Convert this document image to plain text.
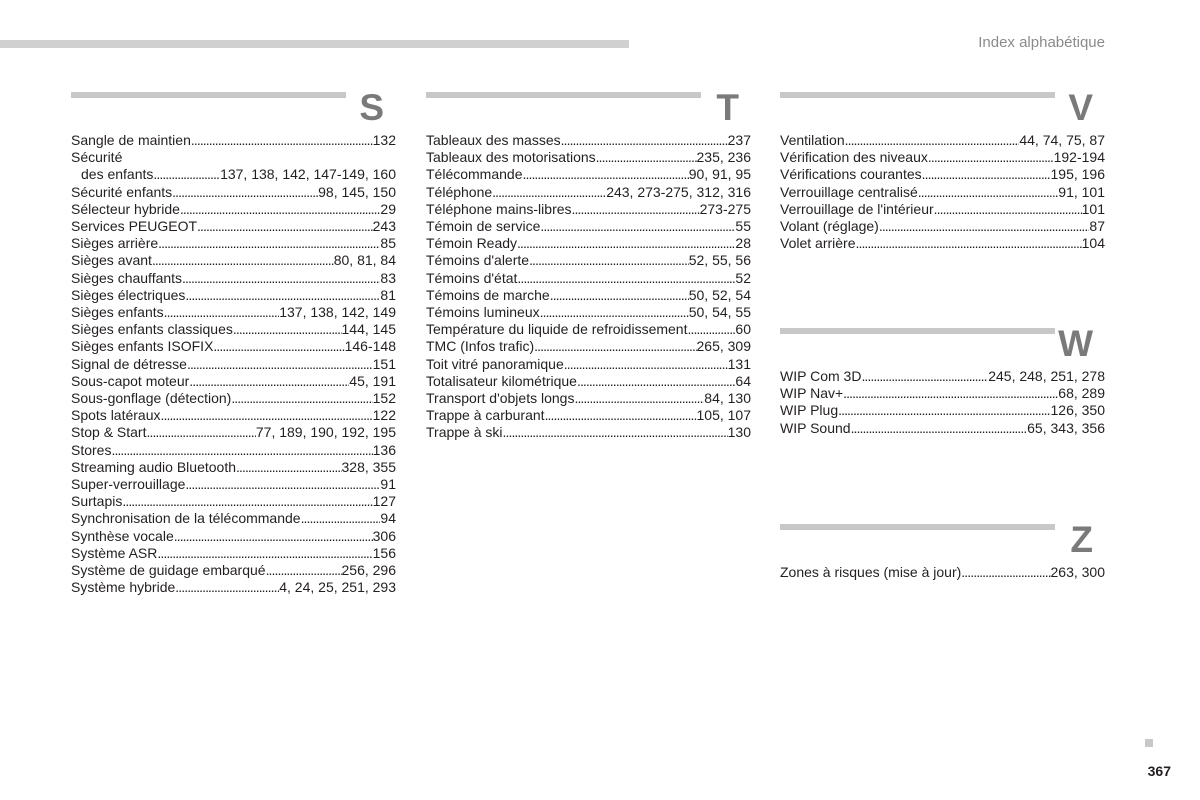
Index alphabétique
S
Sangle de maintien . . .	132
Sécurité
des enfants . . .	137, 138, 142, 147-149, 160
Sécurité enfants . . .	98, 145, 150
Sélecteur hybride . . .	29
Services PEUGEOT . . .	243
Sièges arrière . . .	85
Sièges avant . . .	80, 81, 84
Sièges chauffants . . .	83
Sièges électriques . . .	81
Sièges enfants . . .	137, 138, 142, 149
Sièges enfants classiques . . .	144, 145
Sièges enfants ISOFIX . . .	146-148
Signal de détresse . . .	151
Sous-capot moteur . . .	45, 191
Sous-gonflage (détection) . . .	152
Spots latéraux . . .	122
Stop & Start . . .	77, 189, 190, 192, 195
Stores . . .	136
Streaming audio Bluetooth . . .	328, 355
Super-verrouillage . . .	91
Surtapis . . .	127
Synchronisation de la télécommande . . .	94
Synthèse vocale . . .	306
Système ASR . . .	156
Système de guidage embarqué . . .	256, 296
Système hybride . . .	4, 24, 25, 251, 293
T
Tableaux des masses . . .	237
Tableaux des motorisations . . .	235, 236
Télécommande . . .	90, 91, 95
Téléphone . . .	243, 273-275, 312, 316
Téléphone mains-libres . . .	273-275
Témoin de service . . .	55
Témoin Ready . . .	28
Témoins d'alerte . . .	52, 55, 56
Témoins d'état . . .	52
Témoins de marche . . .	50, 52, 54
Témoins lumineux . . .	50, 54, 55
Température du liquide de refroidissement . . .	60
TMC (Infos trafic) . . .	265, 309
Toit vitré panoramique . . .	131
Totalisateur kilométrique . . .	64
Transport d'objets longs . . .	84, 130
Trappe à carburant . . .	105, 107
Trappe à ski . . .	130
V
Ventilation . . .	44, 74, 75, 87
Vérification des niveaux . . .	192-194
Vérifications courantes . . .	195, 196
Verrouillage centralisé . . .	91, 101
Verrouillage de l'intérieur . . .	101
Volant (réglage) . . .	87
Volet arrière . . .	104
W
WIP Com 3D . . .	245, 248, 251, 278
WIP Nav+ . . .	68, 289
WIP Plug . . .	126, 350
WIP Sound . . .	65, 343, 356
Z
Zones à risques (mise à jour) . . .	263, 300
367
